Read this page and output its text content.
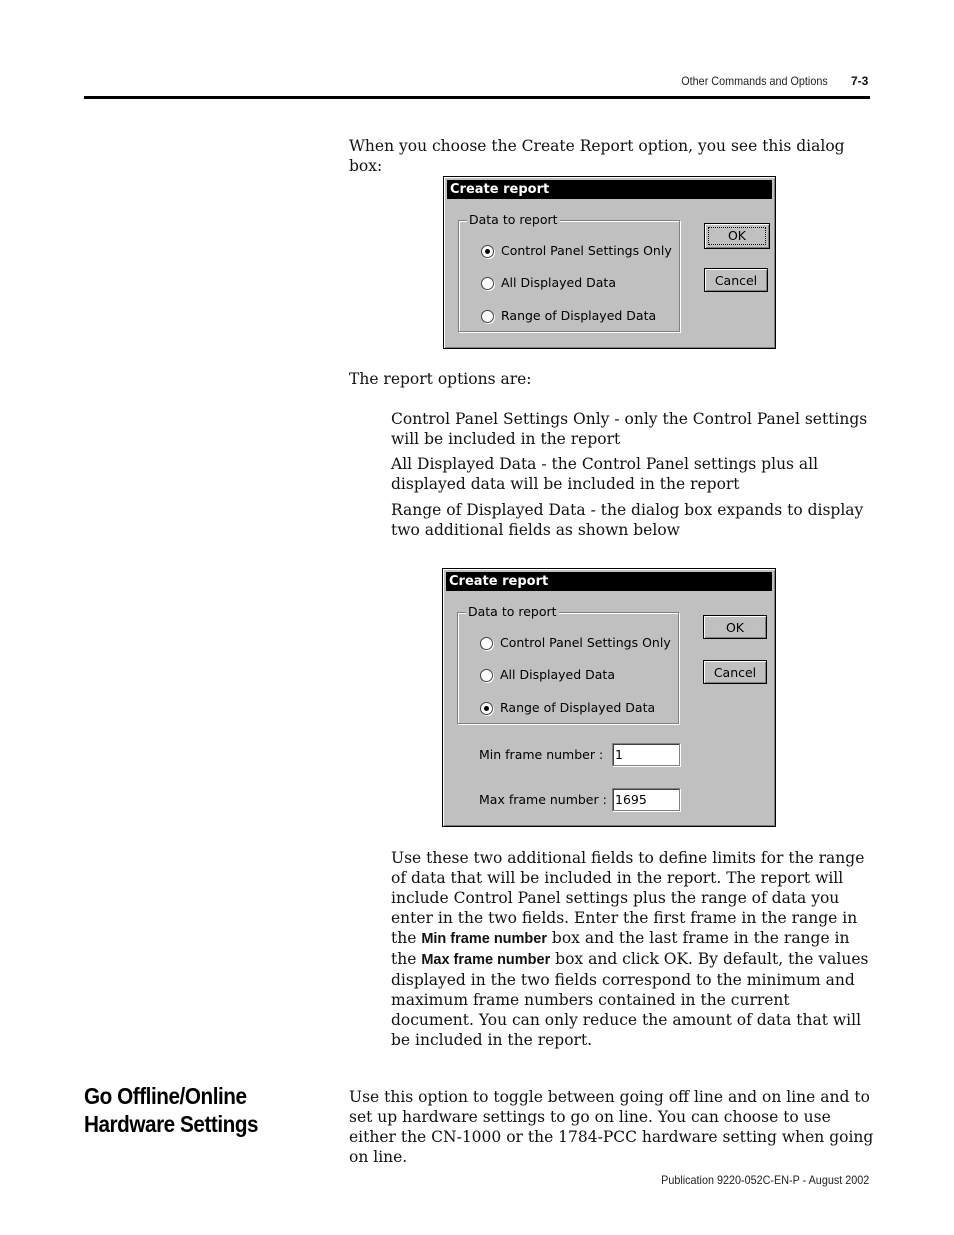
Other Commands and Options 7-3
When you choose the Create Report option, you see this dialog box:
Create report
Data to report
Control Panel Settings Only
All Displayed Data
Range of Displayed Data
OK
Cancel
The report options are:
Control Panel Settings Only - only the Control Panel settings will be included in the report
All Displayed Data - the Control Panel settings plus all displayed data will be included in the report
Range of Displayed Data - the dialog box expands to display two additional fields as shown below
Create report
Data to report
Control Panel Settings Only
All Displayed Data
Range of Displayed Data
OK
Cancel
Min frame number : 1
Max frame number : 1695
Use these two additional fields to define limits for the range of data that will be included in the report. The report will include Control Panel settings plus the range of data you enter in the two fields. Enter the first frame in the range in the Min frame number box and the last frame in the range in the Max frame number box and click OK. By default, the values displayed in the two fields correspond to the minimum and maximum frame numbers contained in the current document. You can only reduce the amount of data that will be included in the report.
Go Offline/Online Hardware Settings
Use this option to toggle between going off line and on line and to set up hardware settings to go on line. You can choose to use either the CN-1000 or the 1784-PCC hardware setting when going on line.
Publication 9220-052C-EN-P - August 2002
